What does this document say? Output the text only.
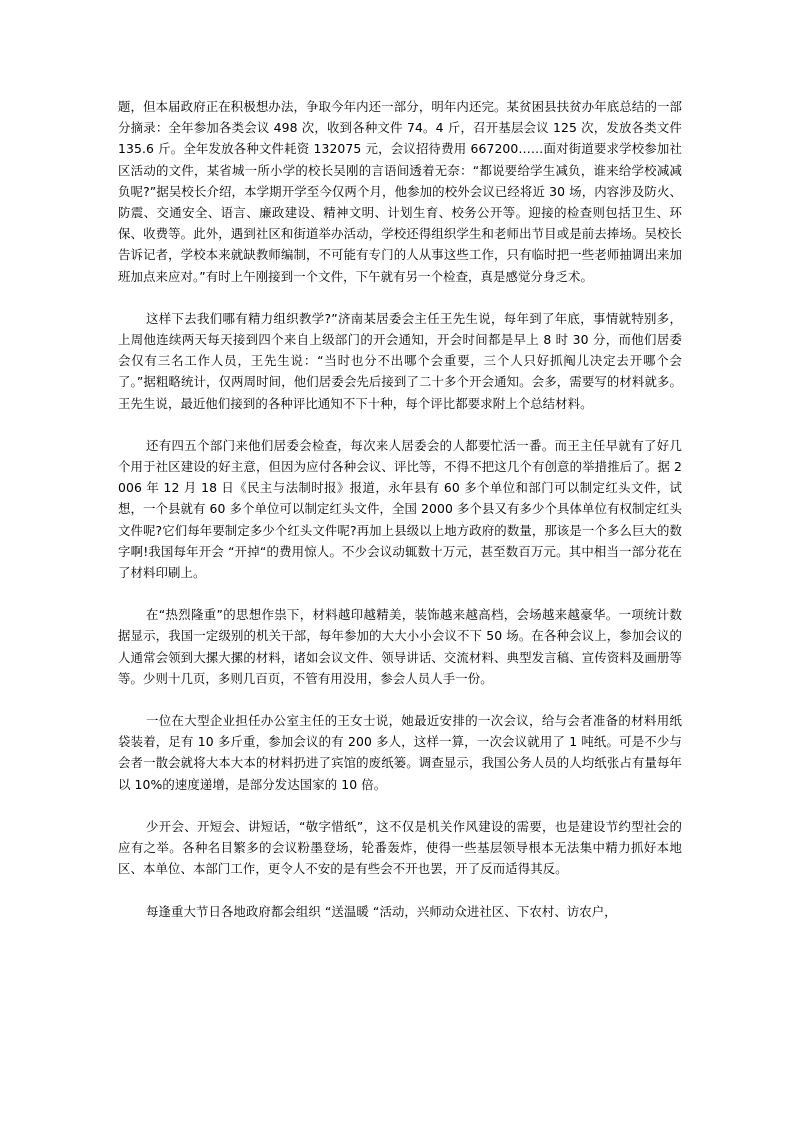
题，但本届政府正在积极想办法，争取今年内还一部分，明年内还完。某贫困县扶贫办年底总结的一部分摘录：全年参加各类会议 498 次，收到各种文件 74。4 斤，召开基层会议 125 次，发放各类文件 135.6 斤。全年发放各种文件耗资 132075 元，会议招待费用 667200……面对街道要求学校参加社区活动的文件，某省城一所小学的校长吴刚的言语间透着无奈：“都说要给学生减负，谁来给学校减减负呢?”据吴校长介绍，本学期开学至今仅两个月，他参加的校外会议已经将近 30 场，内容涉及防火、防震、交通安全、语言、廉政建设、精神文明、计划生育、校务公开等。迎接的检查则包括卫生、环保、收费等。此外，遇到社区和街道举办活动，学校还得组织学生和老师出节目或是前去捧场。吴校长告诉记者，学校本来就缺教师编制，不可能有专门的人从事这些工作，只有临时把一些老师抽调出来加班加点来应对。”有时上午刚接到一个文件，下午就有另一个检查，真是感觉分身乏术。

这样下去我们哪有精力组织教学?”济南某居委会主任王先生说，每年到了年底，事情就特别多，上周他连续两天每天接到四个来自上级部门的开会通知，开会时间都是早上 8 时 30 分，而他们居委会仅有三名工作人员，王先生说：“当时也分不出哪个会重要，三个人只好抓阄儿决定去开哪个会了。”据粗略统计，仅两周时间，他们居委会先后接到了二十多个开会通知。会多，需要写的材料就多。王先生说，最近他们接到的各种评比通知不下十种，每个评比都要求附上个总结材料。

还有四五个部门来他们居委会检查，每次来人居委会的人都要忙活一番。而王主任早就有了好几个用于社区建设的好主意，但因为应付各种会议、评比等，不得不把这几个有创意的举措推后了。据 2006 年 12 月 18 日《民主与法制时报》报道，永年县有 60 多个单位和部门可以制定红头文件，试想，一个县就有 60 多个单位可以制定红头文件，全国 2000 多个县又有多少个具体单位有权制定红头文件呢?它们每年要制定多少个红头文件呢?再加上县级以上地方政府的数量，那该是一个多么巨大的数字啊!我国每年开会 “开掉“的费用惊人。不少会议动辄数十万元，甚至数百万元。其中相当一部分花在了材料印刷上。

在“热烈隆重”的思想作祟下，材料越印越精美，装饰越来越高档，会场越来越豪华。一项统计数据显示，我国一定级别的机关干部，每年参加的大大小小会议不下 50 场。在各种会议上，参加会议的人通常会领到大摞大摞的材料，诸如会议文件、领导讲话、交流材料、典型发言稿、宣传资料及画册等等。少则十几页，多则几百页，不管有用没用，参会人员人手一份。

一位在大型企业担任办公室主任的王女士说，她最近安排的一次会议，给与会者准备的材料用纸袋装着，足有 10 多斤重，参加会议的有 200 多人，这样一算，一次会议就用了 1 吨纸。可是不少与会者一散会就将大本大本的材料扔进了宾馆的废纸篓。调查显示，我国公务人员的人均纸张占有量每年以 10%的速度递增，是部分发达国家的 10 倍。

少开会、开短会、讲短话，“敬字惜纸”，这不仅是机关作风建设的需要，也是建设节约型社会的应有之举。各种名目繁多的会议粉墨登场，轮番轰炸，使得一些基层领导根本无法集中精力抓好本地区、本单位、本部门工作，更令人不安的是有些会不开也罢，开了反而适得其反。

每逢重大节日各地政府都会组织 “送温暖 “活动，兴师动众进社区、下农村、访农户，
